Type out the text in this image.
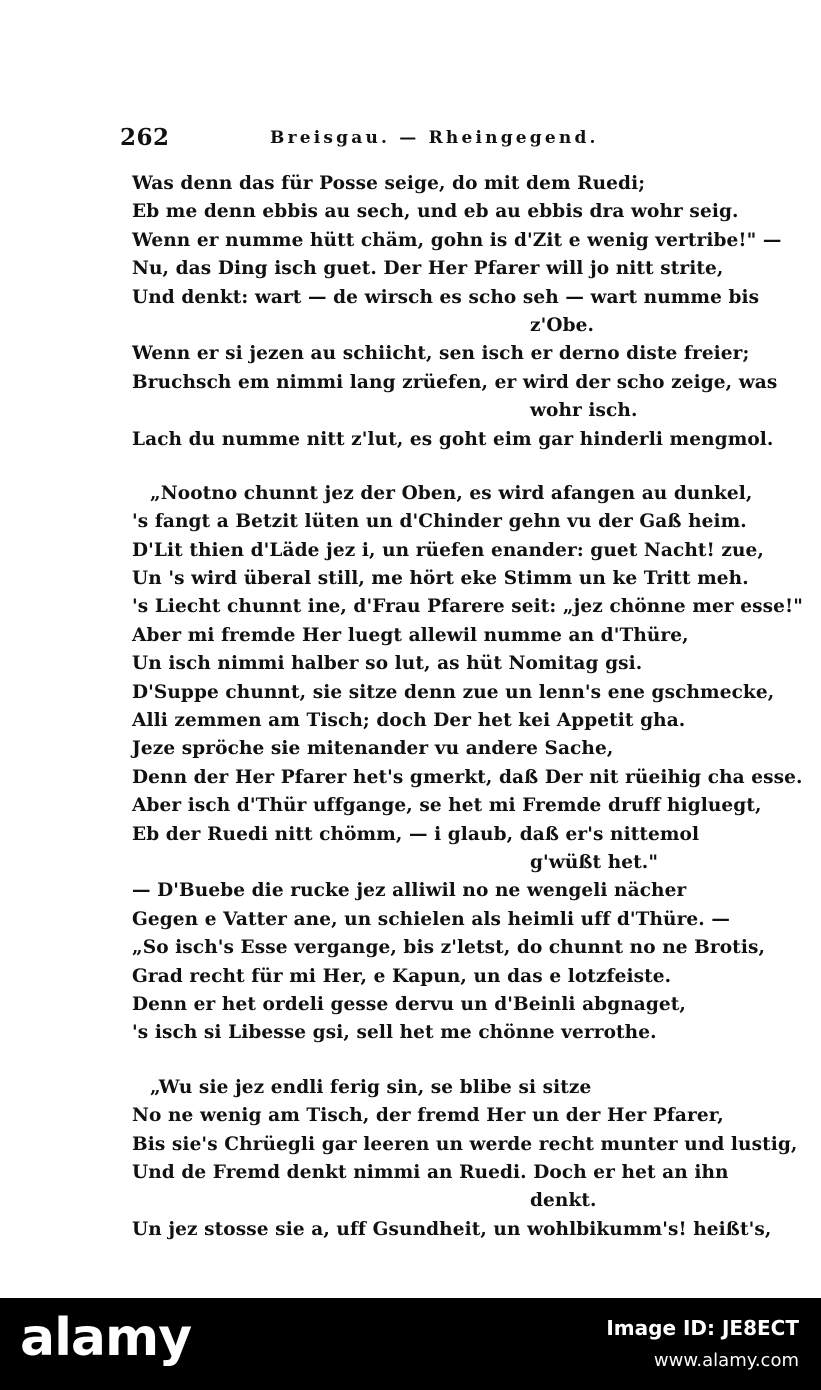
262	Breisgau. — Rheingegend.
Was denn das für Posse seige, do mit dem Ruedi;
Eb me denn ebbis au sech, und eb au ebbis dra wohr seig.
Wenn er numme hütt chäm, gohn is d'Zit e wenig vertribe!" —
Nu, das Ding isch guet. Der Her Pfarer will jo nitt strite,
Und denkt: wart — de wirsch es scho seh — wart numme bis
z'Obe.
Wenn er si jezen au schiicht, sen isch er derno diste freier;
Bruchsch em nimmi lang zrüefen, er wird der scho zeige, was
wohr isch.
Lach du numme nitt z'lut, es goht eim gar hinderli mengmol.
„Nootno chunnt jez der Oben, es wird afangen au dunkel,
's fangt a Betzit lüten un d'Chinder gehn vu der Gaß heim.
D'Lit thien d'Läde jez i, un rüefen enander: guet Nacht! zue,
Un 's wird überal still, me hört eke Stimm un ke Tritt meh.
's Liecht chunnt ine, d'Frau Pfarere seit: „jez chönne mer esse!"
Aber mi fremde Her luegt allewil numme an d'Thüre,
Un isch nimmi halber so lut, as hüt Nomitag gsi.
D'Suppe chunnt, sie sitze denn zue un lenn's ene gschmecke,
Alli zemmen am Tisch; doch Der het kei Appetit gha.
Jeze spröche sie mitenander vu andere Sache,
Denn der Her Pfarer het's gmerkt, daß Der nit rüeihig cha esse.
Aber isch d'Thür uffgange, se het mi Fremde druff higluegt,
Eb der Ruedi nitt chömm, — i glaub, daß er's nittemol
g'wüßt het."
— D'Buebe die rucke jez alliwil no ne wengeli nächer
Gegen e Vatter ane, un schielen als heimli uff d'Thüre. —
„So isch's Esse vergange, bis z'letst, do chunnt no ne Brotis,
Grad recht für mi Her, e Kapun, un das e lotzfeiste.
Denn er het ordeli gesse dervu un d'Beinli abgnaget,
's isch si Libesse gsi, sell het me chönne verrothe.
„Wu sie jez endli ferig sin, se blibe si sitze
No ne wenig am Tisch, der fremd Her un der Her Pfarer,
Bis sie's Chrüegli gar leeren un werde recht munter und lustig,
Und de Fremd denkt nimmi an Ruedi. Doch er het an ihn
denkt.
Un jez stosse sie a, uff Gsundheit, un wohlbikumm's! heißt's,
alamy	Image ID: JE8ECT
www.alamy.com
